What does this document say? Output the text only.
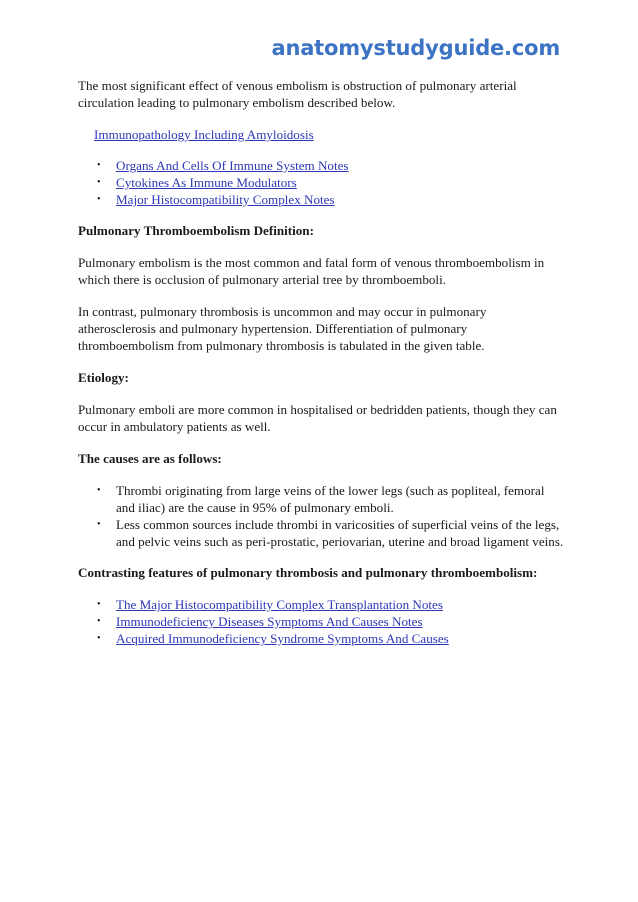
anatomystudyguide.com

The most significant effect of venous embolism is obstruction of pulmonary arterial circulation leading to pulmonary embolism described below.

Immunopathology Including Amyloidosis
• Organs And Cells Of Immune System Notes
• Cytokines As Immune Modulators
• Major Histocompatibility Complex Notes
Pulmonary Thromboembolism Definition:

Pulmonary embolism is the most common and fatal form of venous thromboembolism in which there is occlusion of pulmonary arterial tree by thromboemboli.

In contrast, pulmonary thrombosis is uncommon and may occur in pulmonary atherosclerosis and pulmonary hypertension. Differentiation of pulmonary thromboembolism from pulmonary thrombosis is tabulated in the given table.

Etiology:

Pulmonary emboli are more common in hospitalised or bedridden patients, though they can occur in ambulatory patients as well.

The causes are as follows:
• Thrombi originating from large veins of the lower legs (such as popliteal, femoral and iliac) are the cause in 95% of pulmonary emboli.
• Less common sources include thrombi in varicosities of superficial veins of the legs, and pelvic veins such as peri-prostatic, periovarian, uterine and broad ligament veins.
Contrasting features of pulmonary thrombosis and pulmonary thromboembolism:
• The Major Histocompatibility Complex Transplantation Notes
• Immunodeficiency Diseases Symptoms And Causes Notes
• Acquired Immunodeficiency Syndrome Symptoms And Causes
